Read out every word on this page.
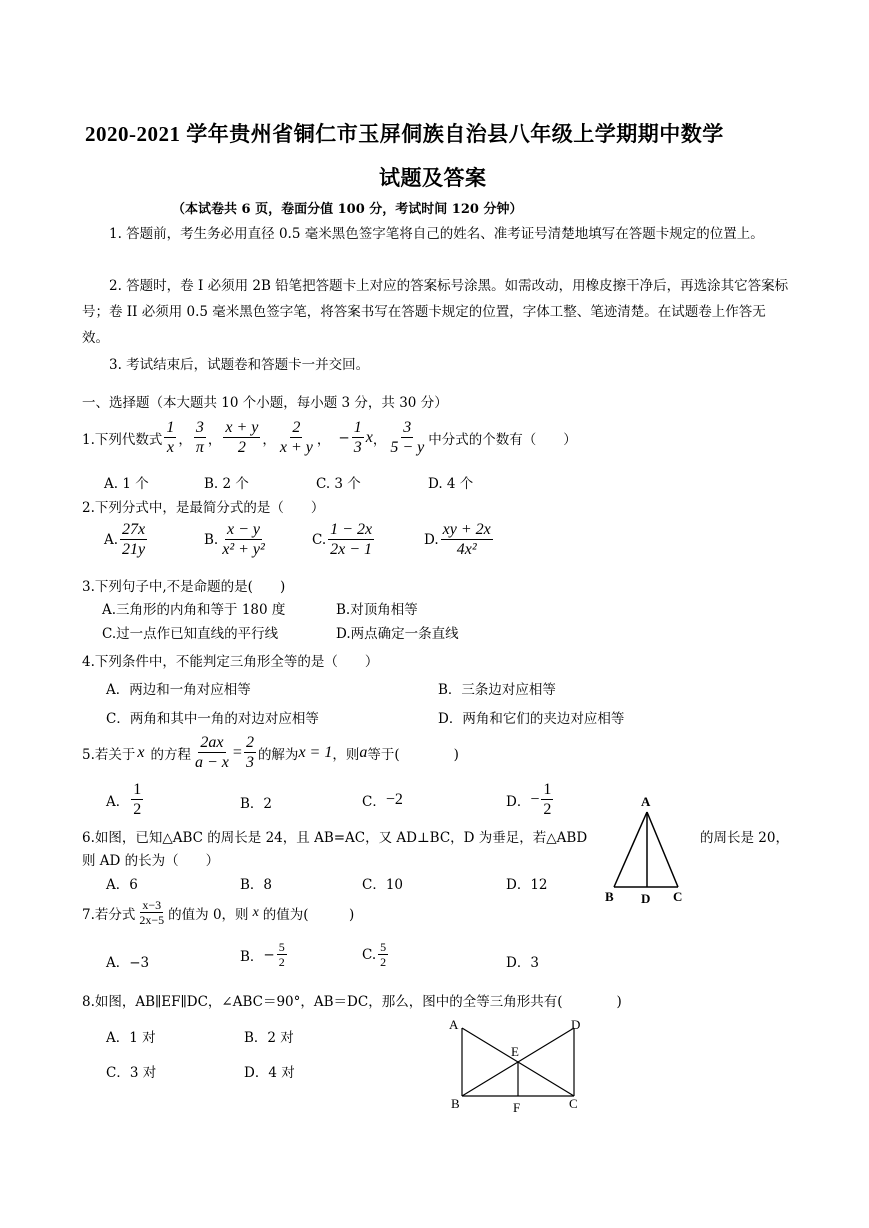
2020-2021 学年贵州省铜仁市玉屏侗族自治县八年级上学期期中数学
试题及答案
（本试卷共 6 页，卷面分值 100 分，考试时间 120 分钟）
1. 答题前，考生务必用直径 0.5 毫米黑色签字笔将自己的姓名、准考证号清楚地填写在答题卡规定的位置上。
2. 答题时，卷 I 必须用 2B 铅笔把答题卡上对应的答案标号涂黑。如需改动，用橡皮擦干净后，再选涂其它答案标号；卷 II 必须用 0.5 毫米黑色签字笔，将答案书写在答题卡规定的位置，字体工整、笔迹清楚。在试题卷上作答无效。
3. 考试结束后，试题卷和答题卡一并交回。
一、选择题（本大题共 10 个小题，每小题 3 分，共 30 分）
1.下列代数式 $\frac{1}{x}$ ， $\frac{3}{\pi}$ ， $\frac{x + y}{2}$ ， $\frac{2}{x + y}$ ， − $\frac{1}{3}$ x ， $\frac{3}{5 - y}$ 中分式的个数有（　　）
A. 1 个	B. 2 个	C. 3 个	D. 4 个
2.下列分式中，是最简分式的是（　　）
A. $\frac{27x}{21y}$	B. $\frac{x - y}{\text{x² + y²}}$	C. $\frac{1 - 2x}{2x - 1}$	D. $\frac{xy + 2x}{\text{4x²}}$
3.下列句子中,不是命题的是(　　)
A.三角形的内角和等于 180 度	B.对顶角相等
C.过一点作已知直线的平行线	D.两点确定一条直线
4.下列条件中，不能判定三角形全等的是（　　）
A．两边和一角对应相等	B．三条边对应相等
C．两角和其中一角的对边对应相等	D．两角和它们的夹边对应相等
5.若关于 x 的方程 $\frac{2ax}{a - x} = \frac{2}{3}$ 的解为 x = 1 ，则 a 等于(　　　　)
A． $\frac{1}{2}$	B．2	C． −2	D． − $\frac{1}{2}$
6.如图，已知△ABC 的周长是 24，且 AB=AC，又 AD⊥BC，D 为垂足，若△ABD	的周长是 20，
则 AD 的长为（　　）
A．6	B．8	C．10	D．12
A
B D C
7.若分式 $\frac{x-3}{2x-5}$ 的值为 0，则 x 的值为(　　　)
A．−3	B． − $\frac{5}{2}$	C. $\frac{5}{2}$	D．3
8.如图，AB∥EF∥DC，∠ABC＝90°，AB＝DC，那么，图中的全等三角形共有(　　　　)
A．1 对	B．2 对
C．3 对	D．4 对
A	D
E
B	F	C
